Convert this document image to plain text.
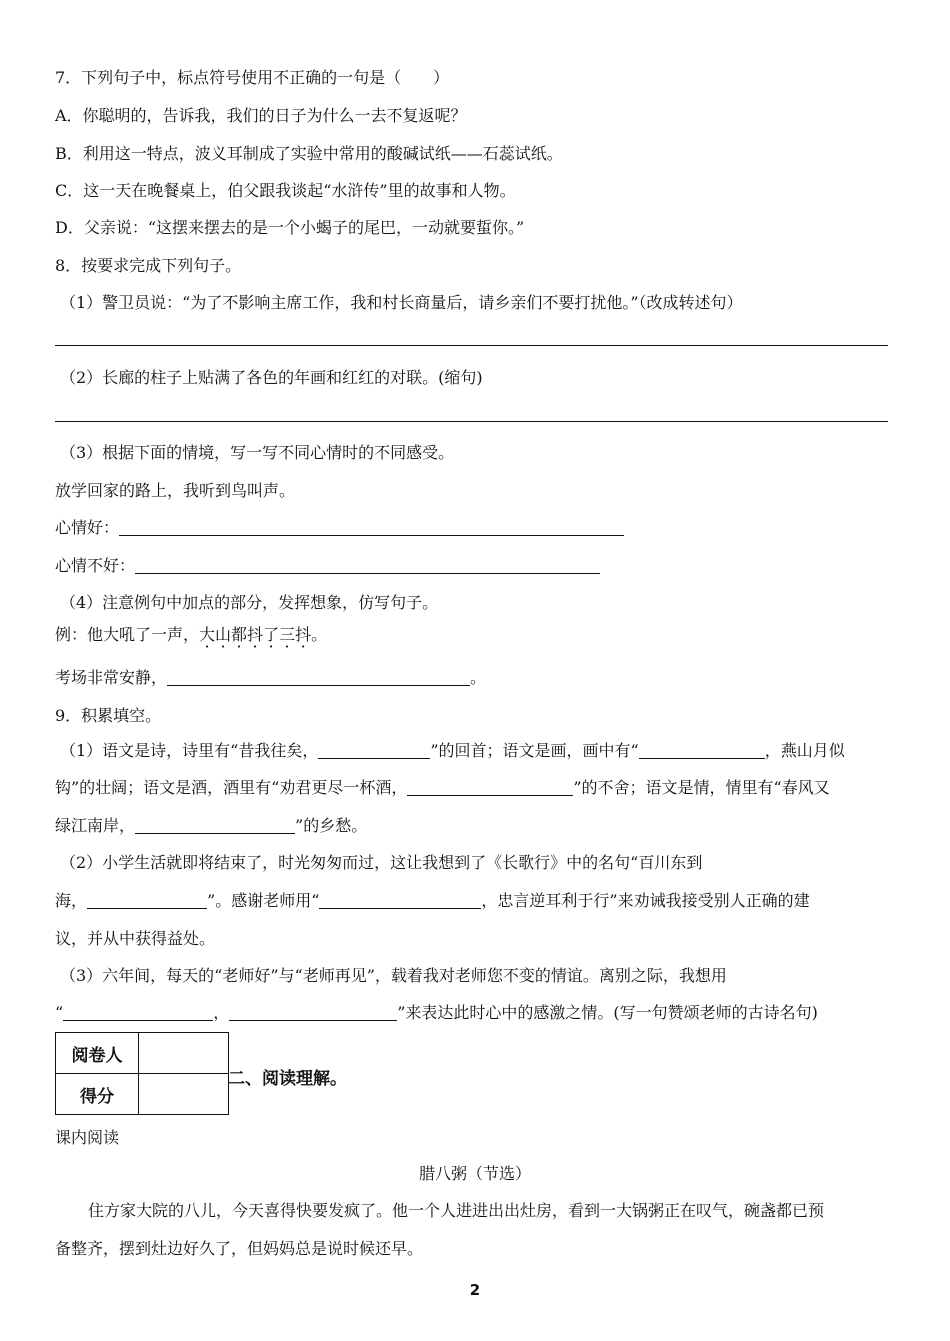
7．下列句子中，标点符号使用不正确的一句是（　　）
A．你聪明的，告诉我，我们的日子为什么一去不复返呢？
B．利用这一特点，波义耳制成了实验中常用的酸碱试纸——石蕊试纸。
C．这一天在晚餐桌上，伯父跟我谈起“水浒传”里的故事和人物。
D．父亲说：“这摆来摆去的是一个小蝎子的尾巴，一动就要蜇你。”
8．按要求完成下列句子。
（1）警卫员说：“为了不影响主席工作，我和村长商量后，请乡亲们不要打扰他。”（改成转述句）
（2）长廊的柱子上贴满了各色的年画和红红的对联。(缩句)
（3）根据下面的情境，写一写不同心情时的不同感受。
放学回家的路上，我听到鸟叫声。
心情好：
心情不好：
（4）注意例句中加点的部分，发挥想象，仿写句子。
例：他大吼了一声，大山都抖了三抖。
考场非常安静，	。
9．积累填空。
（1）语文是诗，诗里有“昔我往矣，	”的回首；语文是画，画中有“	，燕山月似
钩”的壮阔；语文是酒，酒里有“劝君更尽一杯酒，	”的不舍；语文是情，情里有“春风又
绿江南岸，	”的乡愁。
（2）小学生活就即将结束了，时光匆匆而过，这让我想到了《长歌行》中的名句“百川东到
海，	”。感谢老师用“	，忠言逆耳利于行”来劝诫我接受别人正确的建
议，并从中获得益处。
（3）六年间，每天的“老师好”与“老师再见”，载着我对老师您不变的情谊。离别之际，我想用
“	，	”来表达此时心中的感激之情。(写一句赞颂老师的古诗名句)
阅卷人	
得分	
二、阅读理解。
课内阅读
腊八粥（节选）
住方家大院的八儿，今天喜得快要发疯了。他一个人进进出出灶房，看到一大锅粥正在叹气，碗盏都已预
备整齐，摆到灶边好久了，但妈妈总是说时候还早。
2
